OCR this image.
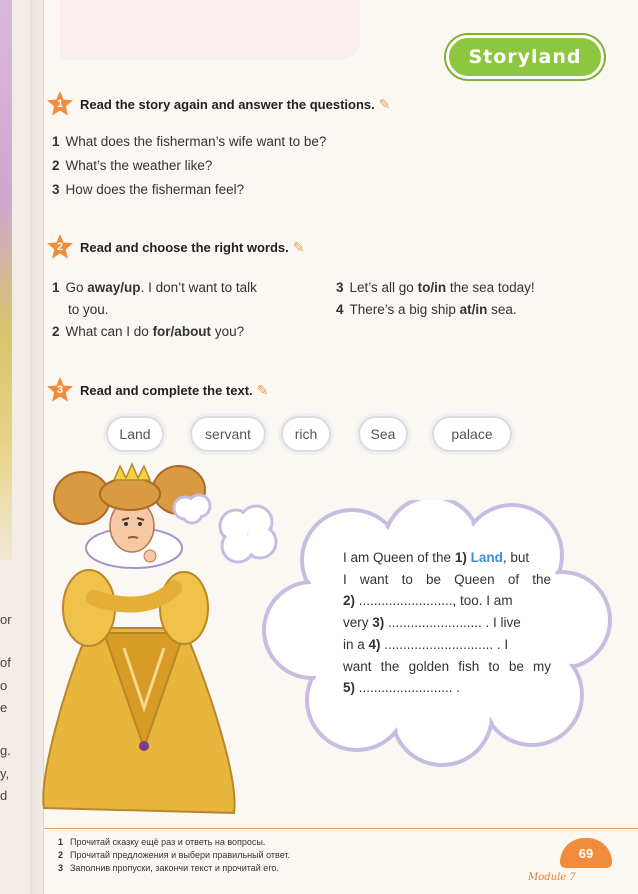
or
of
o
e
g.
y,
d
Storyland
1 Read the story again and answer the questions. ✎
1 What does the fisherman’s wife want to be?
2 What’s the weather like?
3 How does the fisherman feel?
2 Read and choose the right words. ✎
1 Go away/up. I don’t want to talk
to you.
2 What can I do for/about you?
3 Let’s all go to/in the sea today!
4 There’s a big ship at/in sea.
3 Read and complete the text. ✎
Land	servant	rich	Sea	palace
I am Queen of the 1) Land, but
I want to be Queen of the
2) ........................., too. I am
very 3) ......................... . I live
in a 4) ............................. . I
want the golden fish to be my
5) ......................... .
1 Прочитай сказку ещё раз и ответь на вопросы.
2 Прочитай предложения и выбери правильный ответ.
3 Заполнив пропуски, закончи текст и прочитай его.
69
Module 7
